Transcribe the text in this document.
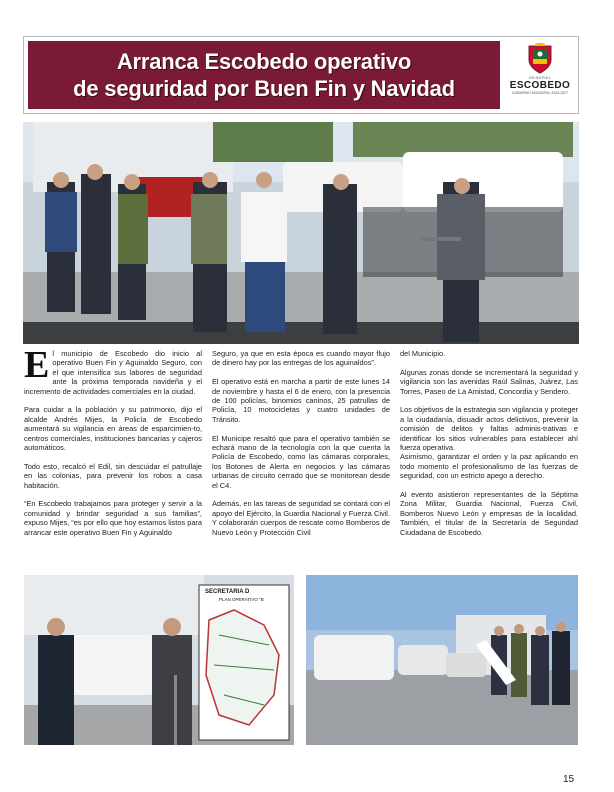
Arranca Escobedo operativo
de seguridad por Buen Fin y Navidad	GENERAL
ESCOBEDO
GOBIERNO MUNICIPAL 2024-2027
E l municipio de Escobedo dio inicio al operativo Buen Fin y Aguinaldo Seguro, con el que intensifica sus labores de seguridad ante la próxima temporada navideña y el incremento de actividades comerciales en la ciudad.

Para cuidar a la población y su patrimonio, dijo el alcalde Andrés Mijes, la Policía de Escobedo aumentará su vigilancia en áreas de esparcimien-to, centros comerciales, instituciones bancarias y cajeros automáticos.

Todo esto, recalcó el Edil, sin descuidar el patrullaje en las colonias, para prevenir los robos a casa habitación.

“En Escobedo trabajamos para proteger y servir a la comunidad y brindar seguridad a sus familias”, expuso Mijes, “es por ello que hoy estamos listos para arrancar este operativo Buen Fin y Aguinaldo

Seguro, ya que en esta época es cuando mayor flujo de dinero hay por las entregas de los aguinaldos”.

El operativo está en marcha a partir de este lunes 14 de noviembre y hasta el 6 de enero, con la presencia de 100 policías, binomios caninos, 25 patrullas de Policía, 10 motocicletas y cuatro unidades de Tránsito.

El Municipe resaltó que para el operativo también se echará mano de la tecnología con la que cuenta la Policía de Escobedo, como las cámaras corporales, los Botones de Alerta en negocios y las cámaras urbanas de circuito cerrado que se monitorean desde el C4.

Además, en las tareas de seguridad se contará con el apoyo del Ejército, la Guardia Nacional y Fuerza Civil. Y colaborarán cuerpos de rescate como Bomberos de Nuevo León y Protección Civil

del Municipio.

Algunas zonas donde se incrementará la seguridad y vigilancia son las avenidas Raúl Salinas, Juárez, Las Torres, Paseo de La Amistad, Concordia y Sendero.

Los objetivos de la estrategia son vigilancia y proteger a la ciudadanía, disuadir actos delictivos, prevenir la comisión de delitos y faltas adminis-trativas e identificar los sitios vulnerables para establecer ahí fuerza operativa.

Asimismo, garantizar el orden y la paz aplicando en todo momento el profesionalismo de las fuerzas de seguridad, con un estricto apego a derecho.

Al evento asistieron representantes de la Séptima Zona Militar, Guardia Nacional, Fuerza Civil, Bomberos Nuevo León y empresas de la localidad. También, el titular de la Secretaría de Seguridad Ciudadana de Escobedo.

SECRETARIA D
PLAN OPERATIVO "B
15
